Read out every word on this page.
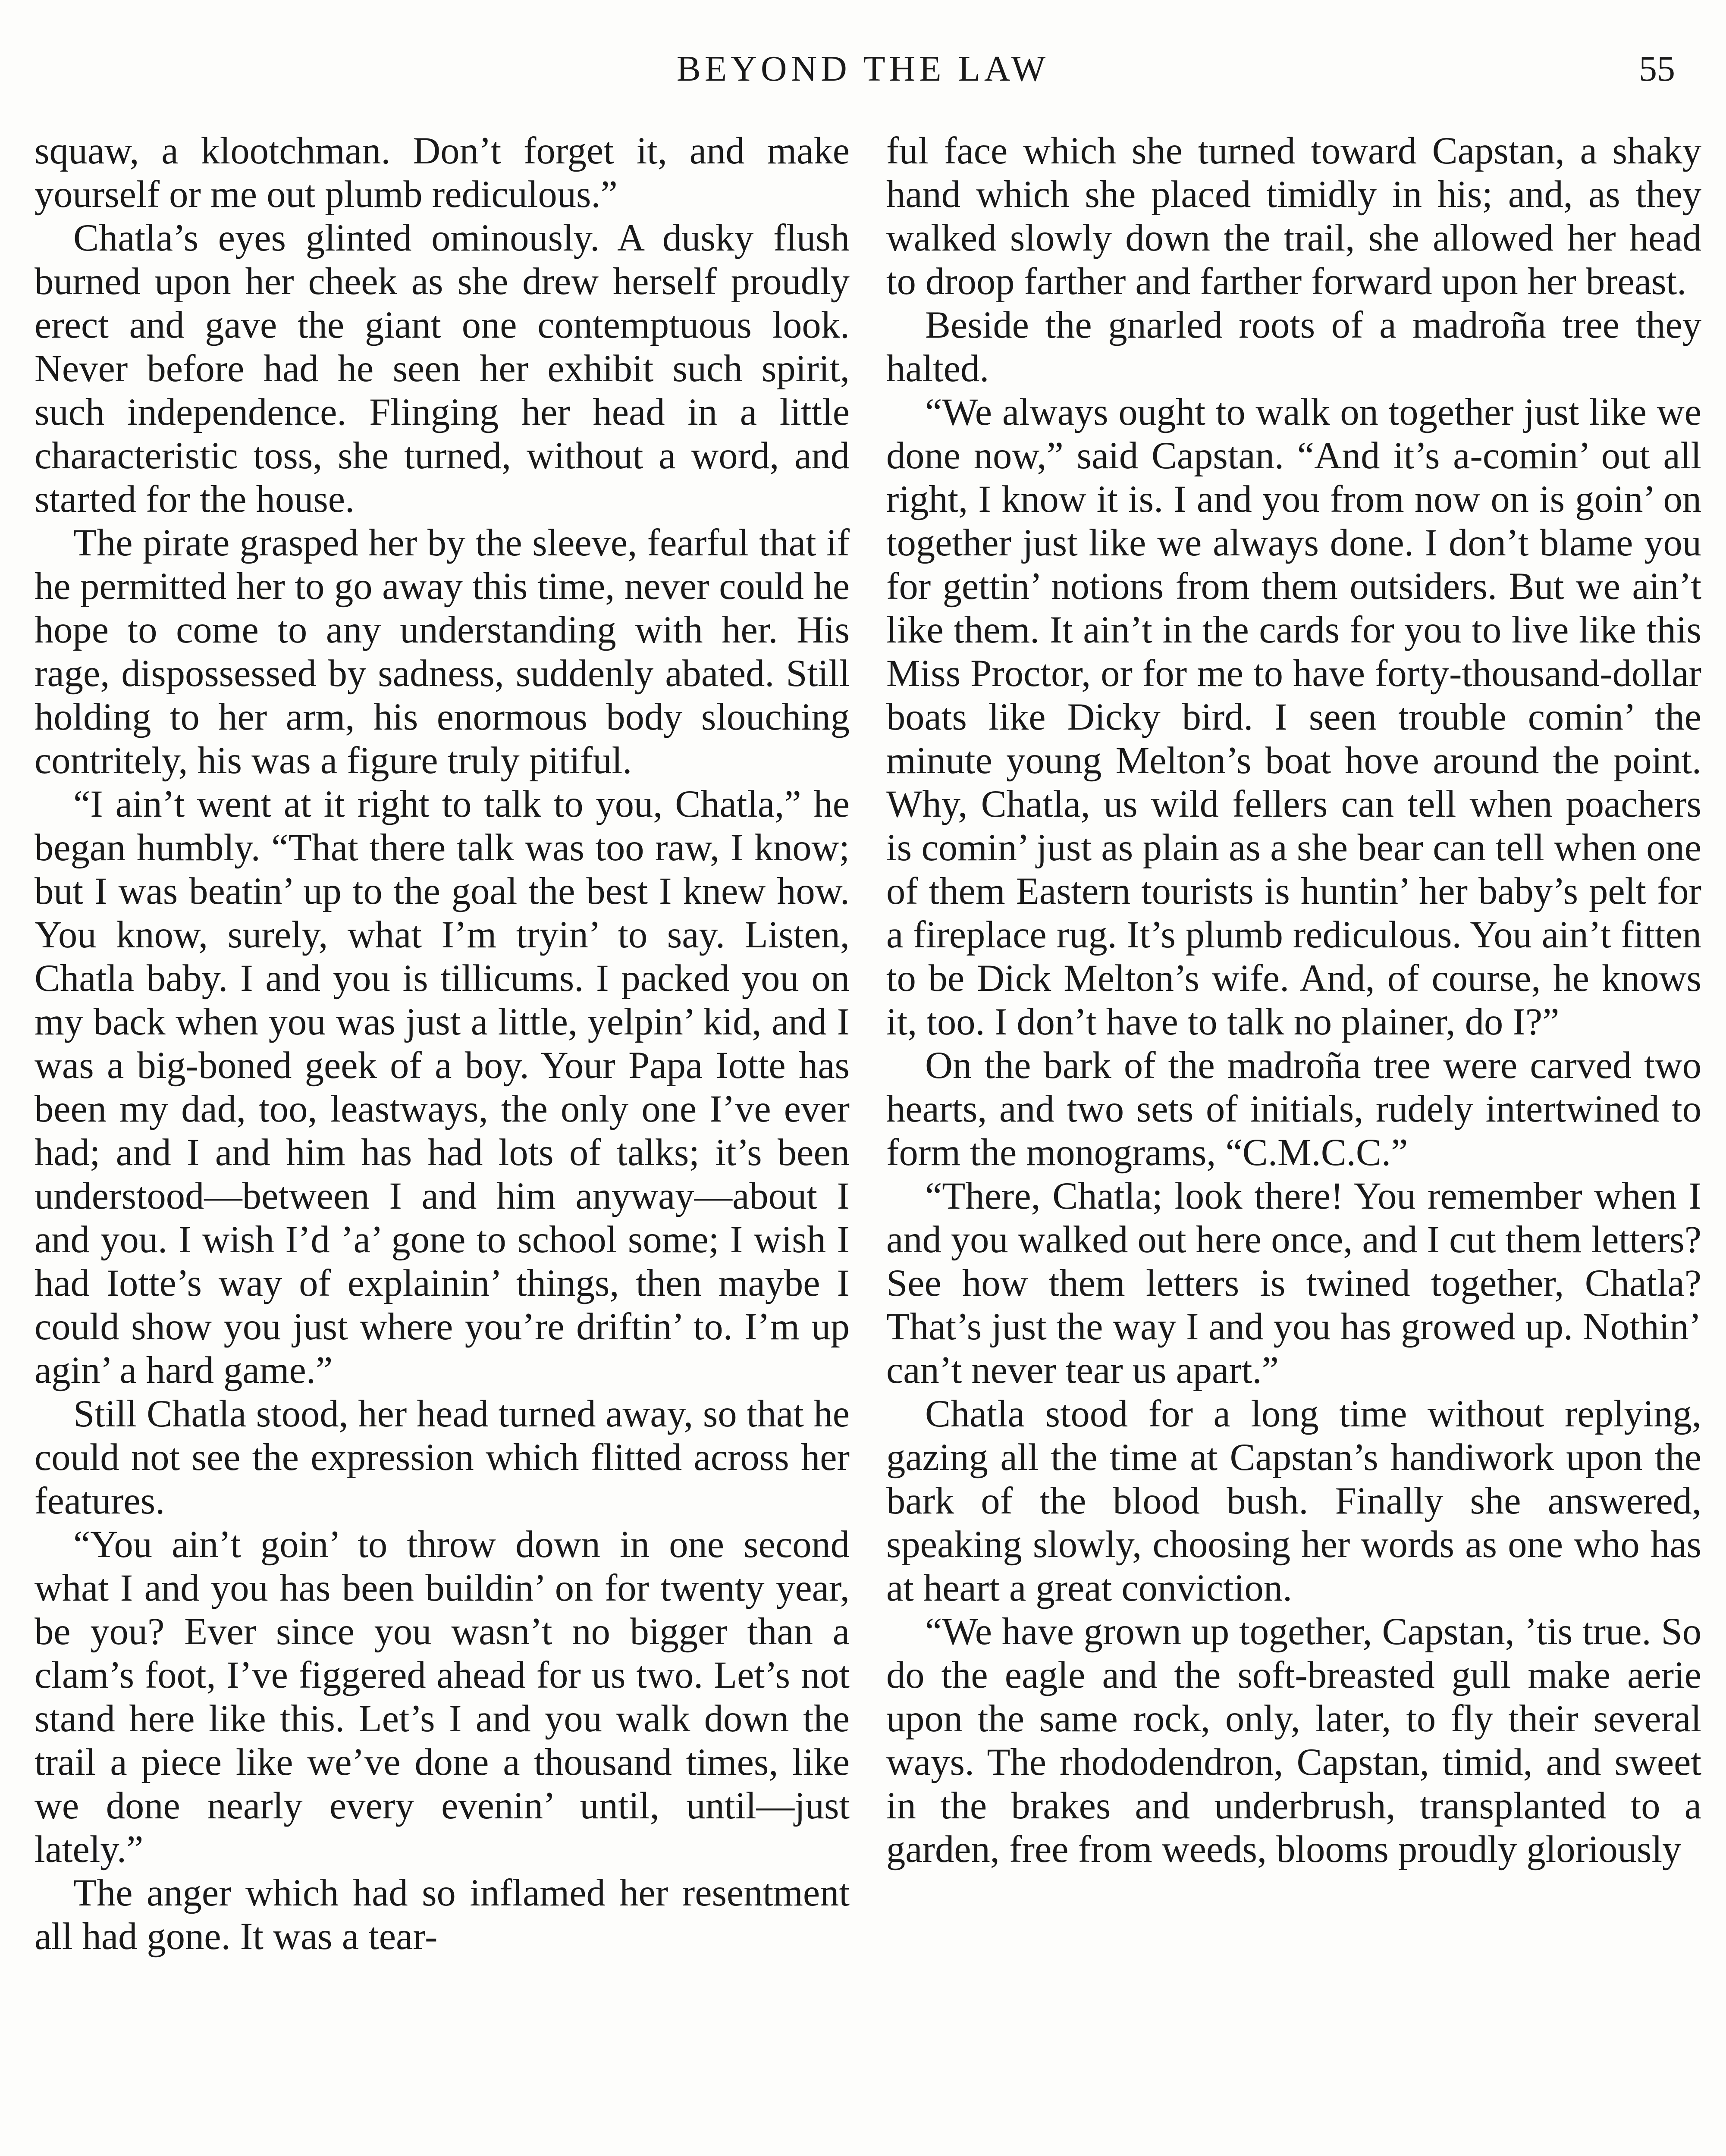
BEYOND THE LAW	55

squaw, a klootchman. Don’t forget it, and make yourself or me out plumb rediculous.”

Chatla’s eyes glinted ominously. A dusky flush burned upon her cheek as she drew herself proudly erect and gave the giant one contemptuous look. Never before had he seen her exhibit such spirit, such independence. Flinging her head in a little characteristic toss, she turned, without a word, and started for the house.

The pirate grasped her by the sleeve, fearful that if he permitted her to go away this time, never could he hope to come to any understanding with her. His rage, dispossessed by sadness, suddenly abated. Still holding to her arm, his enormous body slouching contritely, his was a figure truly pitiful.

“I ain’t went at it right to talk to you, Chatla,” he began humbly. “That there talk was too raw, I know; but I was beatin’ up to the goal the best I knew how. You know, surely, what I’m tryin’ to say. Listen, Chatla baby. I and you is tillicums. I packed you on my back when you was just a little, yelpin’ kid, and I was a big-boned geek of a boy. Your Papa Iotte has been my dad, too, leastways, the only one I’ve ever had; and I and him has had lots of talks; it’s been understood—between I and him anyway—about I and you. I wish I’d ’a’ gone to school some; I wish I had Iotte’s way of explainin’ things, then maybe I could show you just where you’re driftin’ to. I’m up agin’ a hard game.”

Still Chatla stood, her head turned away, so that he could not see the expression which flitted across her features.

“You ain’t goin’ to throw down in one second what I and you has been buildin’ on for twenty year, be you? Ever since you wasn’t no bigger than a clam’s foot, I’ve figgered ahead for us two. Let’s not stand here like this. Let’s I and you walk down the trail a piece like we’ve done a thousand times, like we done nearly every evenin’ until, until—just lately.”

The anger which had so inflamed her resentment all had gone. It was a tear-

ful face which she turned toward Capstan, a shaky hand which she placed timidly in his; and, as they walked slowly down the trail, she allowed her head to droop farther and farther forward upon her breast.

Beside the gnarled roots of a madroña tree they halted.

“We always ought to walk on together just like we done now,” said Capstan. “And it’s a-comin’ out all right, I know it is. I and you from now on is goin’ on together just like we always done. I don’t blame you for gettin’ notions from them outsiders. But we ain’t like them. It ain’t in the cards for you to live like this Miss Proctor, or for me to have forty-thousand-dollar boats like Dicky bird. I seen trouble comin’ the minute young Melton’s boat hove around the point. Why, Chatla, us wild fellers can tell when poachers is comin’ just as plain as a she bear can tell when one of them Eastern tourists is huntin’ her baby’s pelt for a fireplace rug. It’s plumb rediculous. You ain’t fitten to be Dick Melton’s wife. And, of course, he knows it, too. I don’t have to talk no plainer, do I?”

On the bark of the madroña tree were carved two hearts, and two sets of initials, rudely intertwined to form the monograms, “C.M.C.C.”

“There, Chatla; look there! You remember when I and you walked out here once, and I cut them letters? See how them letters is twined together, Chatla? That’s just the way I and you has growed up. Nothin’ can’t never tear us apart.”

Chatla stood for a long time without replying, gazing all the time at Capstan’s handiwork upon the bark of the blood bush. Finally she answered, speaking slowly, choosing her words as one who has at heart a great conviction.

“We have grown up together, Capstan, ’tis true. So do the eagle and the soft-breasted gull make aerie upon the same rock, only, later, to fly their several ways. The rhododendron, Capstan, timid, and sweet in the brakes and underbrush, transplanted to a garden, free from weeds, blooms proudly gloriously
